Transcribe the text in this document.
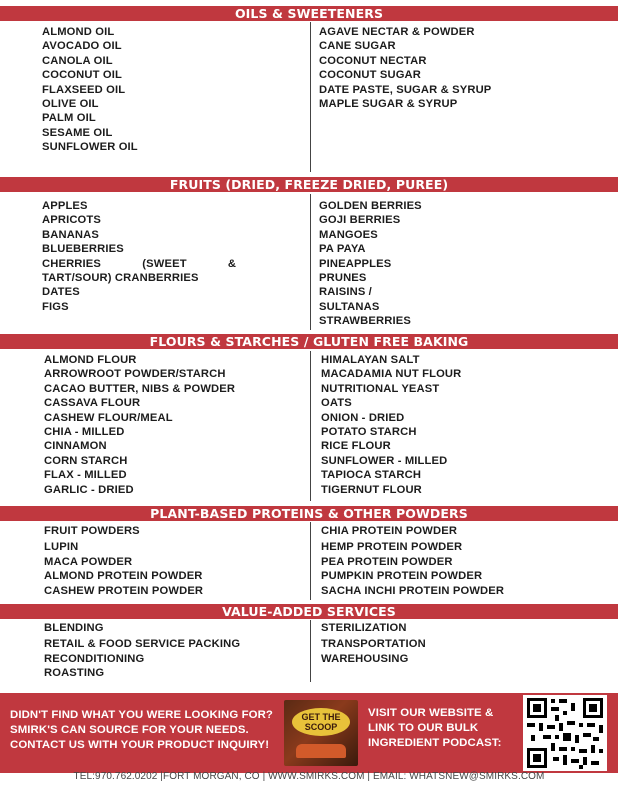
OILS & SWEETENERS
FRUITS (DRIED, FREEZE DRIED, PUREE)
FLOURS & STARCHES / GLUTEN FREE BAKING
PLANT-BASED PROTEINS & OTHER POWDERS
VALUE-ADDED SERVICES

ALMOND OIL
AVOCADO OIL
CANOLA OIL
COCONUT OIL
FLAXSEED OIL
OLIVE OIL
PALM OIL
SESAME OIL
SUNFLOWER OIL
AGAVE NECTAR & POWDER
CANE SUGAR
COCONUT NECTAR
COCONUT SUGAR
DATE PASTE, SUGAR & SYRUP
MAPLE SUGAR & SYRUP
APPLES
APRICOTS
BANANAS
BLUEBERRIES
CHERRIES (SWEET &
TART/SOUR) CRANBERRIES
DATES
FIGS
GOLDEN BERRIES
GOJI BERRIES
MANGOES
PA PAYA
PINEAPPLES
PRUNES
RAISINS /
SULTANAS
STRAWBERRIES
ALMOND FLOUR
ARROWROOT POWDER/STARCH
CACAO BUTTER, NIBS & POWDER
CASSAVA FLOUR
CASHEW FLOUR/MEAL
CHIA - MILLED
CINNAMON
CORN STARCH
FLAX - MILLED
GARLIC - DRIED
HIMALAYAN SALT
MACADAMIA NUT FLOUR
NUTRITIONAL YEAST
OATS
ONION - DRIED
POTATO STARCH
RICE FLOUR
SUNFLOWER - MILLED
TAPIOCA STARCH
TIGERNUT FLOUR
FRUIT POWDERS
LUPIN
MACA POWDER
ALMOND PROTEIN POWDER
CASHEW PROTEIN POWDER
CHIA PROTEIN POWDER
HEMP PROTEIN POWDER
PEA PROTEIN POWDER
PUMPKIN PROTEIN POWDER
SACHA INCHI PROTEIN POWDER
BLENDING
RETAIL & FOOD SERVICE PACKING
RECONDITIONING
ROASTING
STERILIZATION
TRANSPORTATION
WAREHOUSING
DIDN'T FIND WHAT YOU WERE LOOKING FOR?
SMIRK'S CAN SOURCE FOR YOUR NEEDS.
CONTACT US WITH YOUR PRODUCT INQUIRY!
GET THE SCOOP
VISIT OUR WEBSITE &
LINK TO OUR BULK
INGREDIENT PODCAST:
TEL:970.762.0202 |FORT MORGAN, CO | WWW.SMIRKS.COM | EMAIL: WHATSNEW@SMIRKS.COM
